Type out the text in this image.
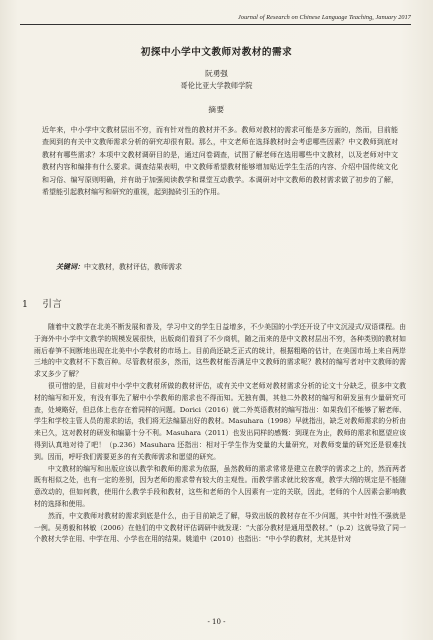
Journal of Research on Chinese Language Teaching, January 2017
初探中小学中文教师对教材的需求
阮勇强
哥伦比亚大学教师学院
摘要
近年来，中小学中文教材层出不穷，而有针对性的教材并不多。教师对教材的需求可能是多方面的，然而，目前能查阅到的有关中文教师需求分析的研究却很有限。那么，中文老师在选择教材时会考虑哪些因素？中文教师到底对教材有哪些需求？本项中文教材调研目的是，通过问卷调查，试图了解老师在选用哪些中文教材，以及老师对中文教材内容和编排有什么要求。调查结果表明，中文教师希望教材能够增加贴近学生生活的内容、介绍中国传统文化和习俗、编写原则明确，并有助于加强阅读教学和课堂互动教学。本调研对中文教师的教材需求做了初步的了解，希望能引起教材编写和研究的重视，起到抛砖引玉的作用。
关键词：中文教材，教材评估，教师需求
1 引言

随着中文教学在北美不断发展和普及，学习中文的学生日益增多，不少美国的小学还开设了中文沉浸式/双语课程。由于海外中小学中文教学的规模发展很快，出版商们看到了不少商机，随之而来的是中文教材层出不穷，各种类别的教材如雨后春笋不间断地出现在北美中小学教材的市场上。目前尚还缺乏正式的统计，根据粗略的估计，在美国市场上来自两岸三地的中文教材不下数百种。尽管教材很多，然而，这些教材能否满足中文教师的需求呢？教材的编写者对中文教师的需求又多少了解？

很可惜的是，目前对中小学中文教材所做的教材评估，或有关中文老师对教材需求分析的论文十分缺乏，很多中文教材的编写和开发，有没有事先了解中小学教师的需求也不得而知。无独有偶，其他二外教材的编写和研发虽有少量研究可查，处境略好，但总体上也存在着同样的问题。Dorici（2016）就二外英语教材的编写指出：如果我们不能够了解老师、学生和学校主管人员的需求的话，我们将无法编纂出好的教材。Masuhara（1998）早就指出，缺乏对教师需求的分析由来已久，这对教材的研发和编纂十分不利。Masuhara（2011）也发出同样的感慨：到现在为止，教师的需求和愿望应该得到认真地对待了吧！（p.236）Masuhara 还指出：相对于学生作为变量的大量研究，对教师变量的研究还是很难找到。因而，呼吁我们需要更多的有关教师需求和愿望的研究。

中文教材的编写和出版应该以教学和教师的需求为依据，虽然教师的需求常常是建立在教学的需求之上的，然而两者既有相似之处，也有一定的差别，因为老师的需求带有较大的主观性。而教学需求就比较客观，教学大纲的规定是不能随意改动的，但如何教，使用什么教学手段和教材，这些和老师的个人因素有一定的关联，因此，老师的个人因素会影响教材的选择和使用。

然而，中文教师对教材的需求到底是什么，由于目前缺乏了解，导致出版的教材存在不少问题，其中针对性不强就是一例。吴勇毅和林敏（2006）在他们的中文教材评估调研中就发现：“大部分教材是通用型教材。”（p.2）这就导致了同一个教材大学在用、中学在用、小学也在用的结果。姚道中（2010）也指出：“中小学的教材，尤其是针对

- 10 -
